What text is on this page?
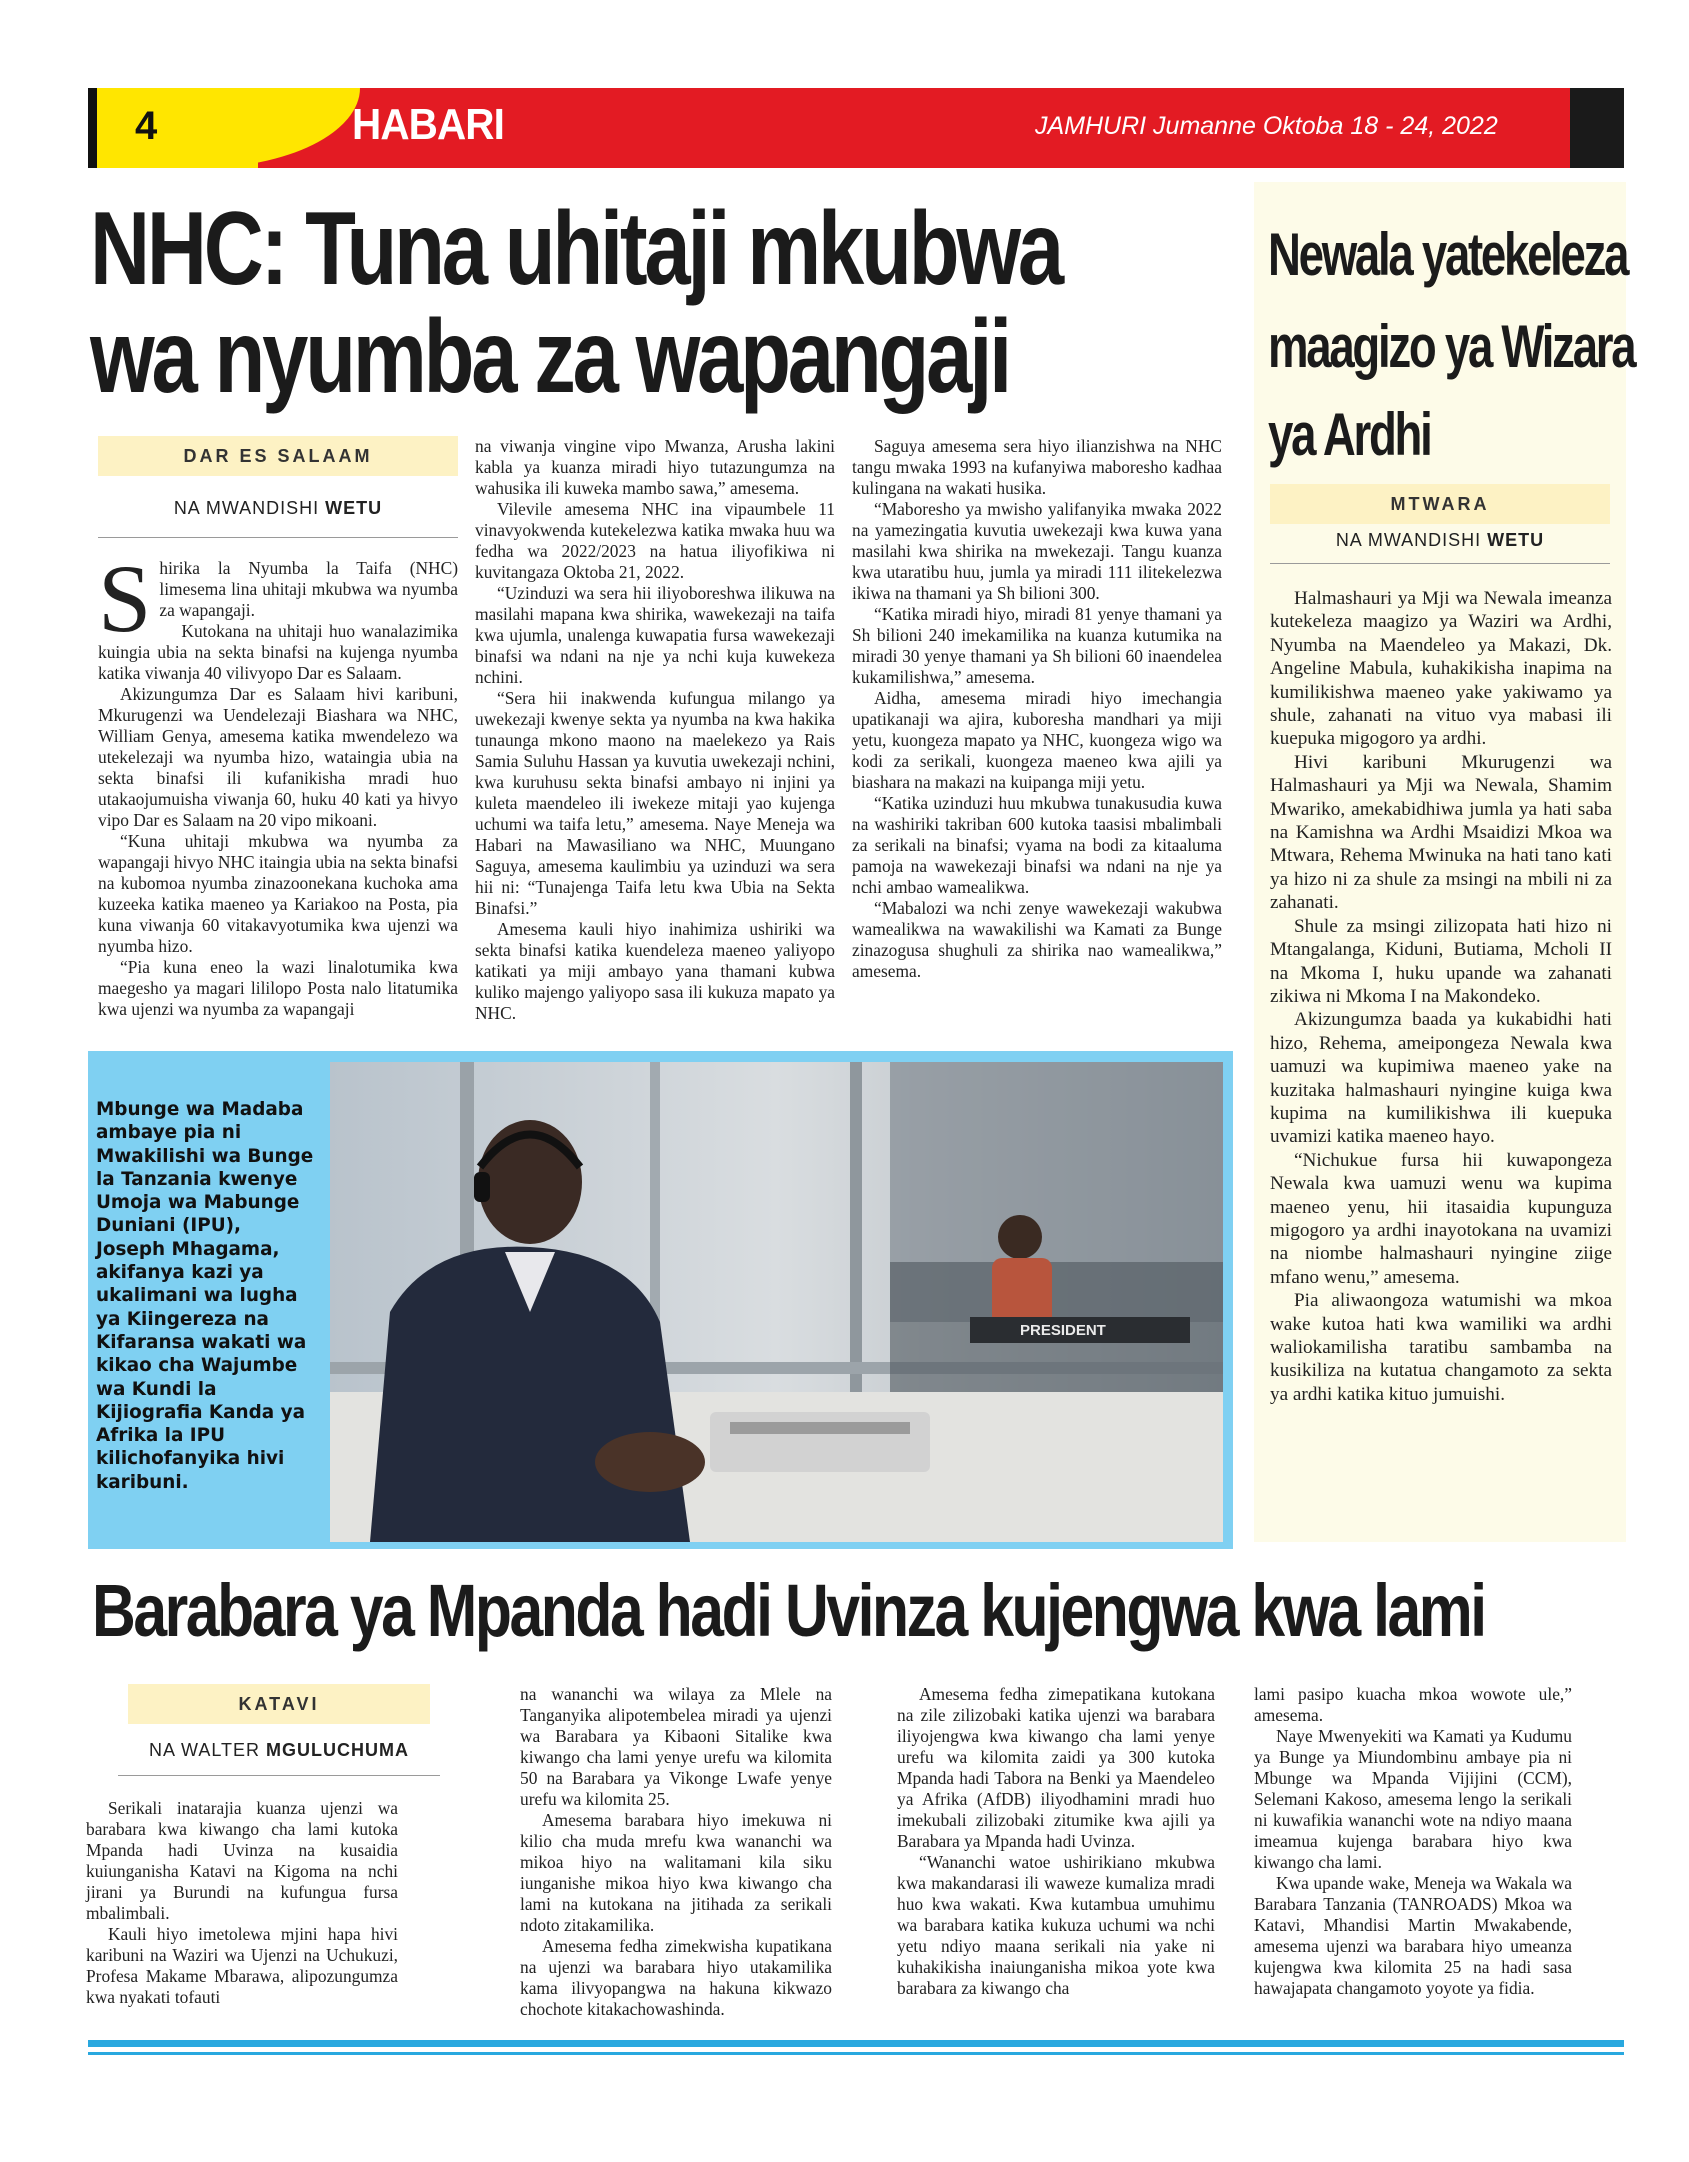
4	HABARI	JAMHURI Jumanne Oktoba 18 - 24, 2022
NHC: Tuna uhitaji mkubwa
wa nyumba za wapangaji
DAR ES SALAAM
NA MWANDISHI WETU
S hirika la Nyumba la Taifa (NHC) limesema lina uhitaji mkubwa wa nyumba za wapangaji.

Kutokana na uhitaji huo wanalazimika kuingia ubia na sekta binafsi na kujenga nyumba katika viwanja 40 vilivyopo Dar es Salaam.

Akizungumza Dar es Salaam hivi karibuni, Mkurugenzi wa Uendelezaji Biashara wa NHC, William Genya, amesema katika mwendelezo wa utekelezaji wa nyumba hizo, wataingia ubia na sekta binafsi ili kufanikisha mradi huo utakaojumuisha viwanja 60, huku 40 kati ya hivyo vipo Dar es Salaam na 20 vipo mikoani.

“Kuna uhitaji mkubwa wa nyumba za wapangaji hivyo NHC itaingia ubia na sekta binafsi na kubomoa nyumba zinazoonekana kuchoka ama kuzeeka katika maeneo ya Kariakoo na Posta, pia kuna viwanja 60 vitakavyotumika kwa ujenzi wa nyumba hizo.

“Pia kuna eneo la wazi linalotumika kwa maegesho ya magari lililopo Posta nalo litatumika kwa ujenzi wa nyumba za wapangaji

na viwanja vingine vipo Mwanza, Arusha lakini kabla ya kuanza miradi hiyo tutazungumza na wahusika ili kuweka mambo sawa,” amesema.

Vilevile amesema NHC ina vipaumbele 11 vinavyokwenda kutekelezwa katika mwaka huu wa fedha wa 2022/2023 na hatua iliyofikiwa ni kuvitangaza Oktoba 21, 2022.

“Uzinduzi wa sera hii iliyoboreshwa ilikuwa na masilahi mapana kwa shirika, wawekezaji na taifa kwa ujumla, unalenga kuwapatia fursa wawekezaji binafsi wa ndani na nje ya nchi kuja kuwekeza nchini.

“Sera hii inakwenda kufungua milango ya uwekezaji kwenye sekta ya nyumba na kwa hakika tunaunga mkono maono na maelekezo ya Rais Samia Suluhu Hassan ya kuvutia uwekezaji nchini, kwa kuruhusu sekta binafsi ambayo ni injini ya kuleta maendeleo ili iwekeze mitaji yao kujenga uchumi wa taifa letu,” amesema. Naye Meneja wa Habari na Mawasiliano wa NHC, Muungano Saguya, amesema kaulimbiu ya uzinduzi wa sera hii ni: “Tunajenga Taifa letu kwa Ubia na Sekta Binafsi.”

Amesema kauli hiyo inahimiza ushiriki wa sekta binafsi katika kuendeleza maeneo yaliyopo katikati ya miji ambayo yana thamani kubwa kuliko majengo yaliyopo sasa ili kukuza mapato ya NHC.

Saguya amesema sera hiyo ilianzishwa na NHC tangu mwaka 1993 na kufanyiwa maboresho kadhaa kulingana na wakati husika.

“Maboresho ya mwisho yalifanyika mwaka 2022 na yamezingatia kuvutia uwekezaji kwa kuwa yana masilahi kwa shirika na mwekezaji. Tangu kuanza kwa utaratibu huu, jumla ya miradi 111 ilitekelezwa ikiwa na thamani ya Sh bilioni 300.

“Katika miradi hiyo, miradi 81 yenye thamani ya Sh bilioni 240 imekamilika na kuanza kutumika na miradi 30 yenye thamani ya Sh bilioni 60 inaendelea kukamilishwa,” amesema.

Aidha, amesema miradi hiyo imechangia upatikanaji wa ajira, kuboresha mandhari ya miji yetu, kuongeza mapato ya NHC, kuongeza wigo wa kodi za serikali, kuongeza maeneo kwa ajili ya biashara na makazi na kuipanga miji yetu.

“Katika uzinduzi huu mkubwa tunakusudia kuwa na washiriki takriban 600 kutoka taasisi mbalimbali za serikali na binafsi; vyama na bodi za kitaaluma pamoja na wawekezaji binafsi wa ndani na nje ya nchi ambao wamealikwa.

“Mabalozi wa nchi zenye wawekezaji wakubwa wamealikwa na wawakilishi wa Kamati za Bunge zinazogusa shughuli za shirika nao wamealikwa,” amesema.

Newala yatekeleza
maagizo ya Wizara
ya Ardhi
MTWARA
NA MWANDISHI WETU

Halmashauri ya Mji wa Newala imeanza kutekeleza maagizo ya Waziri wa Ardhi, Nyumba na Maendeleo ya Makazi, Dk. Angeline Mabula, kuhakikisha inapima na kumilikishwa maeneo yake yakiwamo ya shule, zahanati na vituo vya mabasi ili kuepuka migogoro ya ardhi.

Hivi karibuni Mkurugenzi wa Halmashauri ya Mji wa Newala, Shamim Mwariko, amekabidhiwa jumla ya hati saba na Kamishna wa Ardhi Msaidizi Mkoa wa Mtwara, Rehema Mwinuka na hati tano kati ya hizo ni za shule za msingi na mbili ni za zahanati.

Shule za msingi zilizopata hati hizo ni Mtangalanga, Kiduni, Butiama, Mcholi II na Mkoma I, huku upande wa zahanati zikiwa ni Mkoma I na Makondeko.

Akizungumza baada ya kukabidhi hati hizo, Rehema, ameipongeza Newala kwa uamuzi wa kupimiwa maeneo yake na kuzitaka halmashauri nyingine kuiga kwa kupima na kumilikishwa ili kuepuka uvamizi katika maeneo hayo.

“Nichukue fursa hii kuwapongeza Newala kwa uamuzi wenu wa kupima maeneo yenu, hii itasaidia kupunguza migogoro ya ardhi inayotokana na uvamizi na niombe halmashauri nyingine ziige mfano wenu,” amesema.

Pia aliwaongoza watumishi wa mkoa wake kutoa hati kwa wamiliki wa ardhi waliokamilisha taratibu sambamba na kusikiliza na kutatua changamoto za sekta ya ardhi katika kituo jumuishi.

Mbunge wa Madaba ambaye pia ni Mwakilishi wa Bunge la Tanzania kwenye Umoja wa Mabunge Duniani (IPU), Joseph Mhagama, akifanya kazi ya ukalimani wa lugha ya Kiingereza na Kifaransa wakati wa kikao cha Wajumbe wa Kundi la Kijiografia Kanda ya Afrika la IPU kilichofanyika hivi karibuni.
PRESIDENT
Barabara ya Mpanda hadi Uvinza kujengwa kwa lami
KATAVI
NA WALTER MGULUCHUMA

Serikali inatarajia kuanza ujenzi wa barabara kwa kiwango cha lami kutoka Mpanda hadi Uvinza na kusaidia kuiunganisha Katavi na Kigoma na nchi jirani ya Burundi na kufungua fursa mbalimbali.

Kauli hiyo imetolewa mjini hapa hivi karibuni na Waziri wa Ujenzi na Uchukuzi, Profesa Makame Mbarawa, alipozungumza kwa nyakati tofauti

na wananchi wa wilaya za Mlele na Tanganyika alipotembelea miradi ya ujenzi wa Barabara ya Kibaoni Sitalike kwa kiwango cha lami yenye urefu wa kilomita 50 na Barabara ya Vikonge Lwafe yenye urefu wa kilomita 25.

Amesema barabara hiyo imekuwa ni kilio cha muda mrefu kwa wananchi wa mikoa hiyo na walitamani kila siku iunganishe mikoa hiyo kwa kiwango cha lami na kutokana na jitihada za serikali ndoto zitakamilika.

Amesema fedha zimekwisha kupatikana na ujenzi wa barabara hiyo utakamilika kama ilivyopangwa na hakuna kikwazo chochote kitakachowashinda.

Amesema fedha zimepatikana kutokana na zile zilizobaki katika ujenzi wa barabara iliyojengwa kwa kiwango cha lami yenye urefu wa kilomita zaidi ya 300 kutoka Mpanda hadi Tabora na Benki ya Maendeleo ya Afrika (AfDB) iliyodhamini mradi huo imekubali zilizobaki zitumike kwa ajili ya Barabara ya Mpanda hadi Uvinza.

“Wananchi watoe ushirikiano mkubwa kwa makandarasi ili waweze kumaliza mradi huo kwa wakati. Kwa kutambua umuhimu wa barabara katika kukuza uchumi wa nchi yetu ndiyo maana serikali nia yake ni kuhakikisha inaiunganisha mikoa yote kwa barabara za kiwango cha

lami pasipo kuacha mkoa wowote ule,” amesema.

Naye Mwenyekiti wa Kamati ya Kudumu ya Bunge ya Miundombinu ambaye pia ni Mbunge wa Mpanda Vijijini (CCM), Selemani Kakoso, amesema lengo la serikali ni kuwafikia wananchi wote na ndiyo maana imeamua kujenga barabara hiyo kwa kiwango cha lami.

Kwa upande wake, Meneja wa Wakala wa Barabara Tanzania (TANROADS) Mkoa wa Katavi, Mhandisi Martin Mwakabende, amesema ujenzi wa barabara hiyo umeanza kujengwa kwa kilomita 25 na hadi sasa hawajapata changamoto yoyote ya fidia.
